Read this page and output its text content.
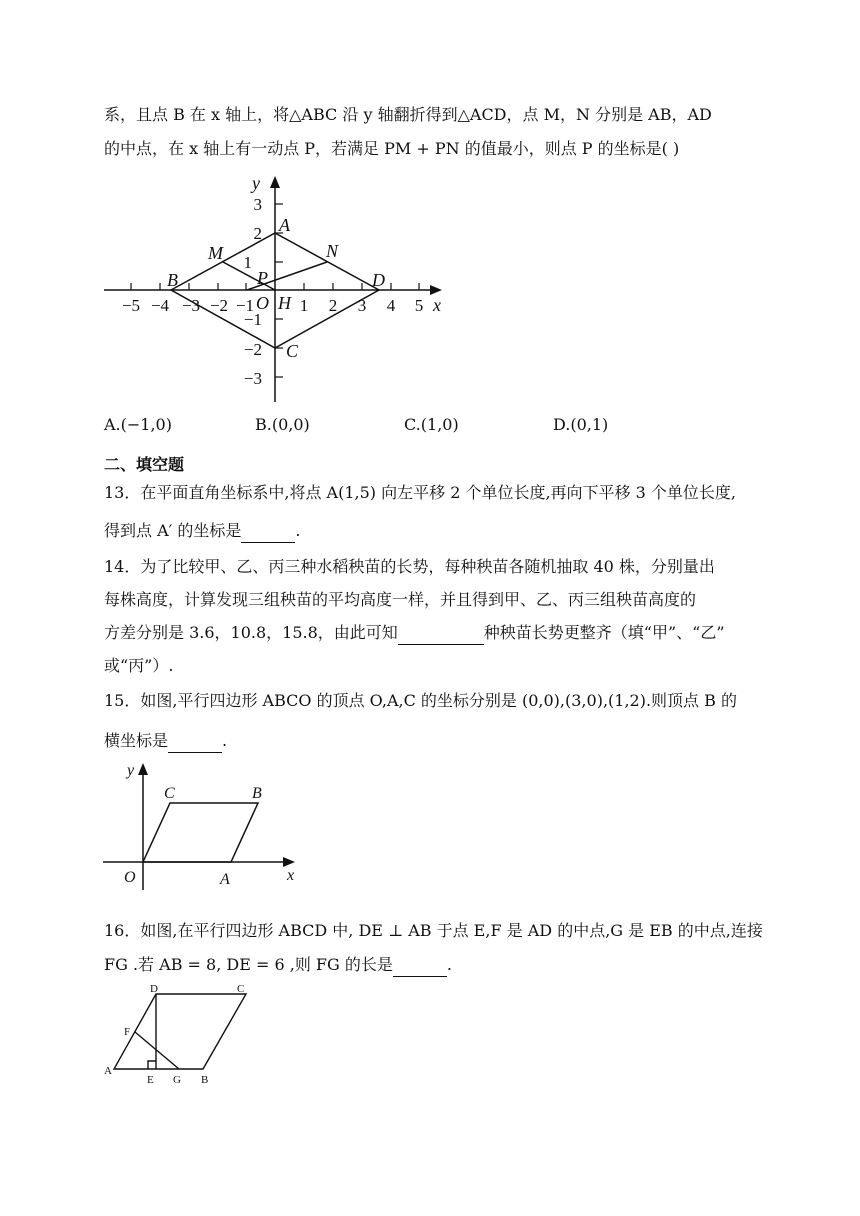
系，且点 B 在 x 轴上，将△ABC 沿 y 轴翻折得到△ACD，点 M，N 分别是 AB，AD
的中点，在 x 轴上有一动点 P，若满足 PM + PN 的值最小，则点 P 的坐标是( )
−5 −4 −3 −2 −1	1 2 3 4 5
3
2
1
−1
−2
−3
y
x
A
B
C
D
M	N
P
O H
A.(−1,0)	B.(0,0)	C.(1,0)	D.(0,1)
二、填空题
13．在平面直角坐标系中,将点 A(1,5) 向左平移 2 个单位长度,再向下平移 3 个单位长度,
得到点 A′ 的坐标是	.
14．为了比较甲、乙、丙三种水稻秧苗的长势，每种秧苗各随机抽取 40 株，分别量出
每株高度，计算发现三组秧苗的平均高度一样，并且得到甲、乙、丙三组秧苗高度的
方差分别是 3.6，10.8，15.8，由此可知	种秧苗长势更整齐（填“甲”、“乙”
或“丙”）.
15．如图,平行四边形 ABCO 的顶点 O,A,C 的坐标分别是 (0,0),(3,0),(1,2).则顶点 B 的
横坐标是	.
y
x
O	A
B
C
16．如图,在平行四边形 ABCD 中, DE ⊥ AB 于点 E,F 是 AD 的中点,G 是 EB 的中点,连接
FG .若 AB = 8, DE = 6 ,则 FG 的长是	.
A
B
C
D
E
F
G
